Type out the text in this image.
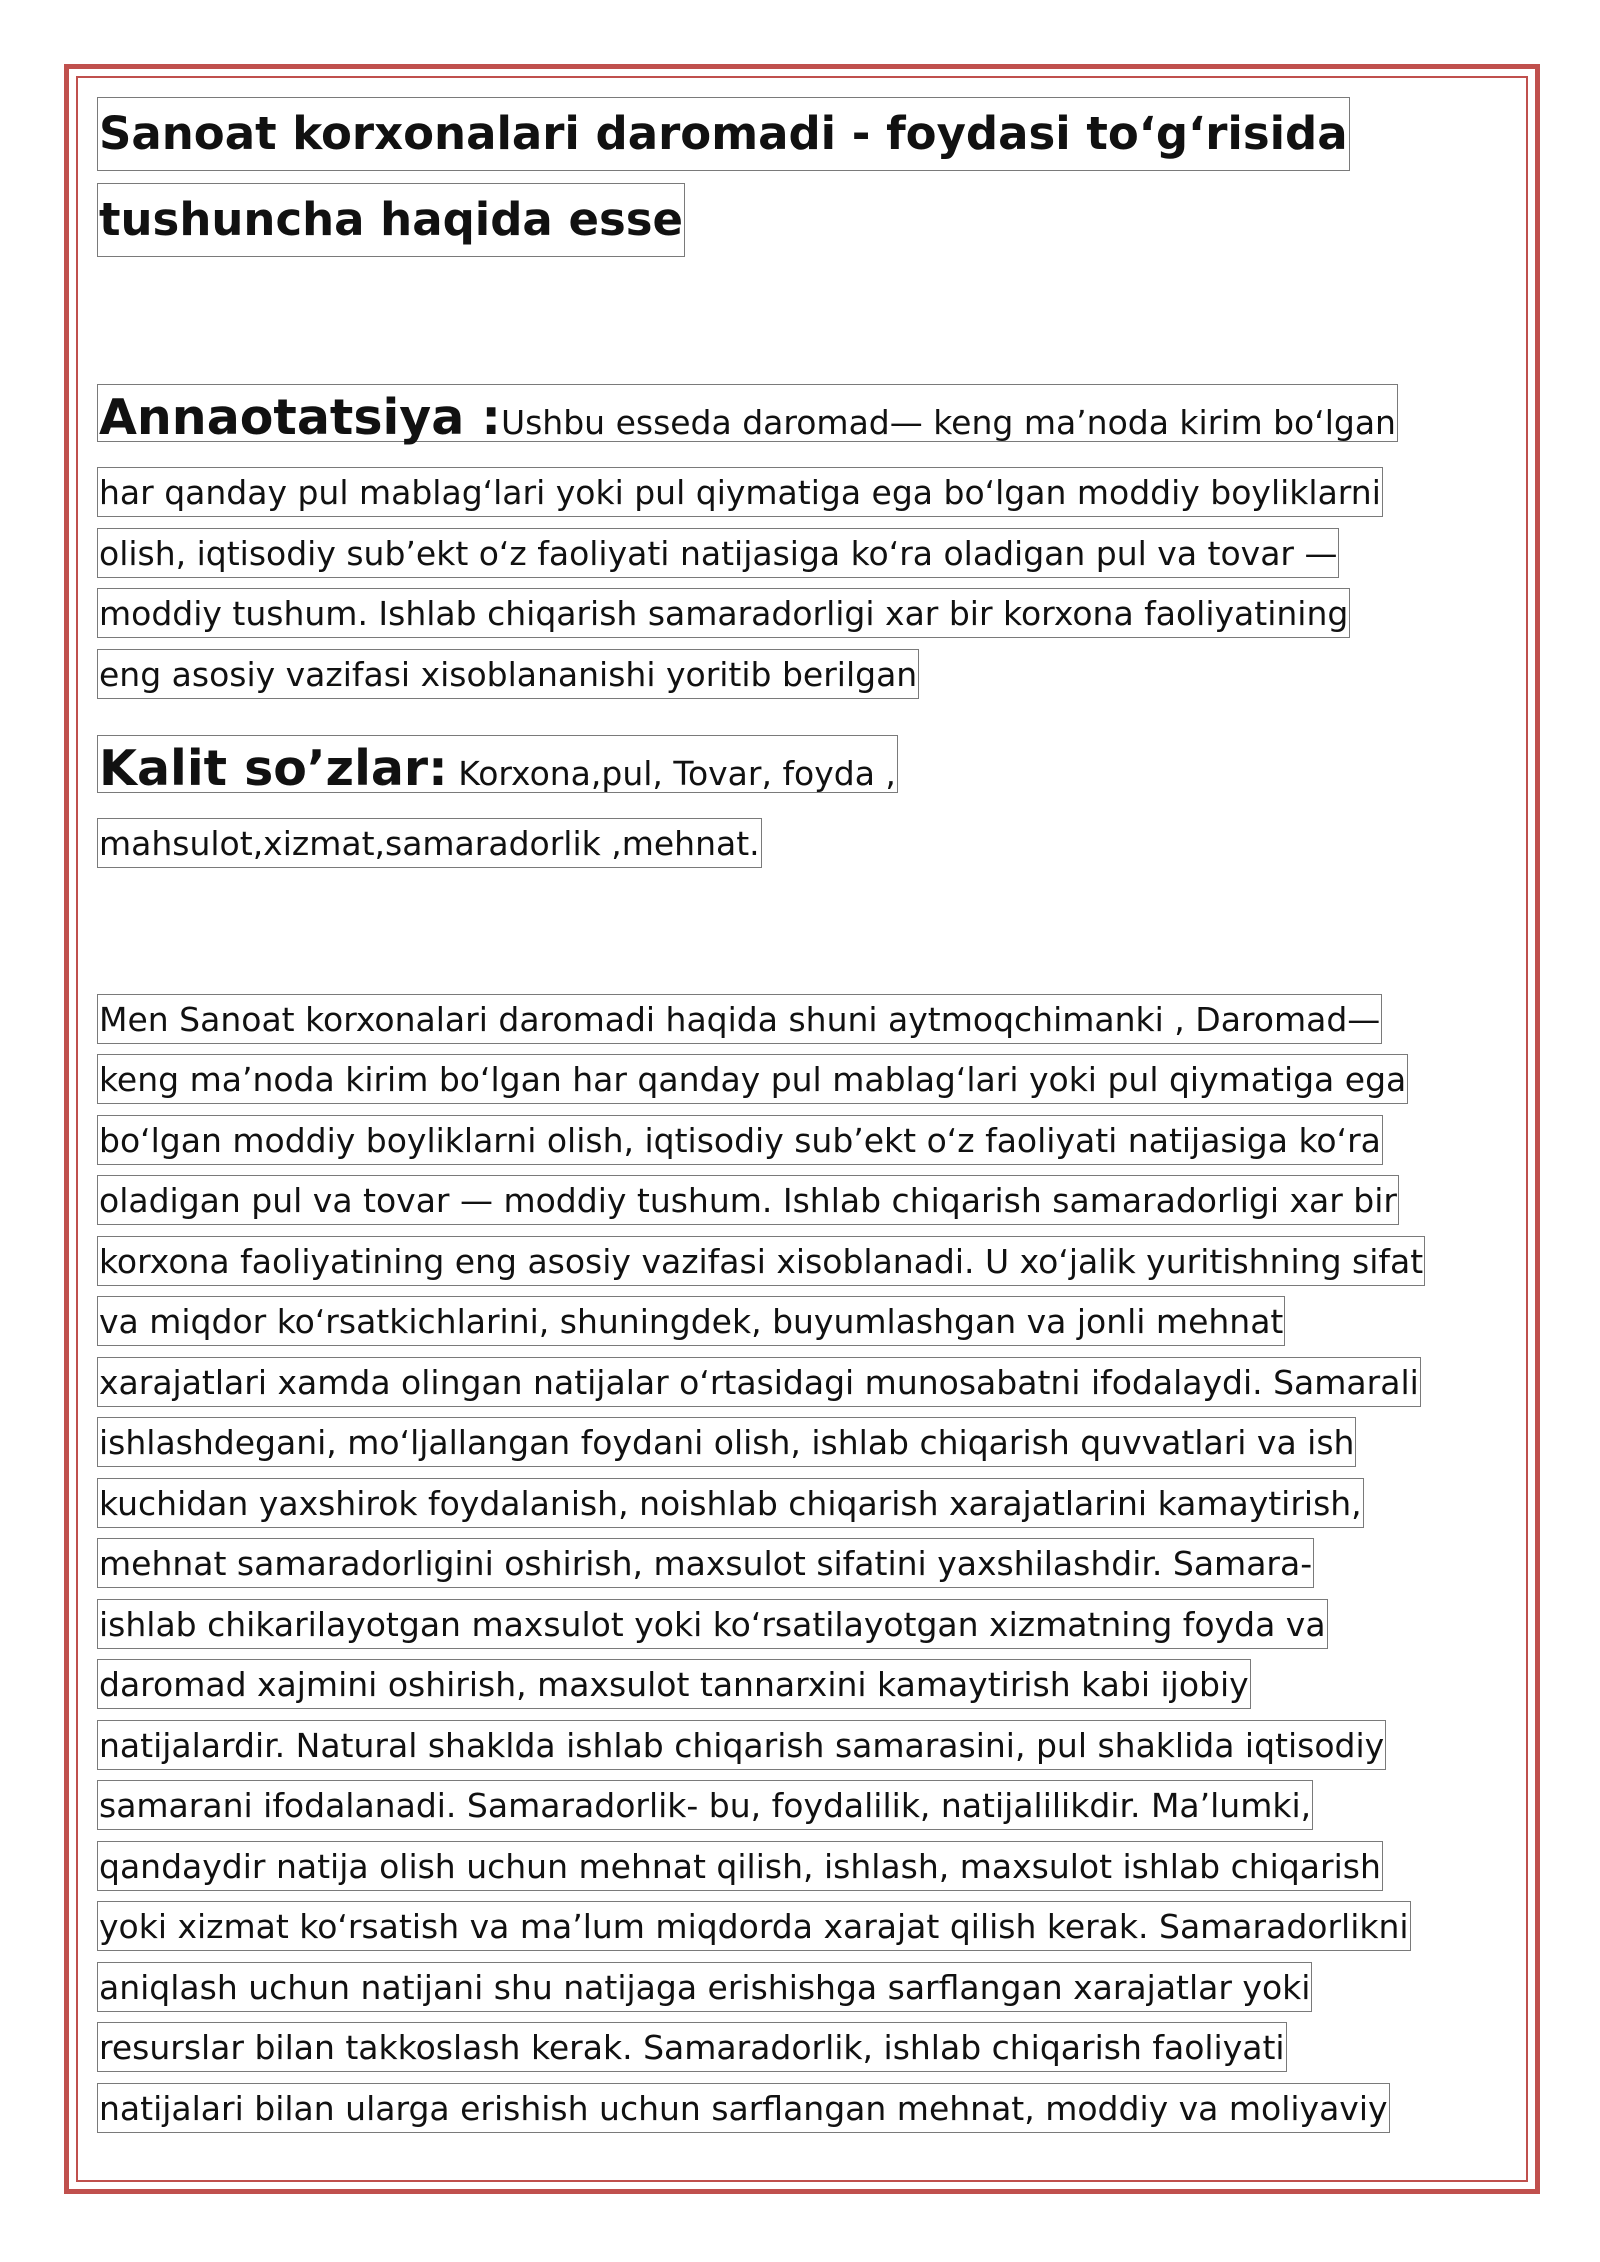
Sanoat korxonalari daromadi - foydasi to‘g‘risida
tushuncha haqida esse
Annaotatsiya :Ushbu esseda daromad— keng ma’noda kirim bo‘lgan
har qanday pul mablag‘lari yoki pul qiymatiga ega bo‘lgan moddiy boyliklarni
olish, iqtisodiy sub’ekt o‘z faoliyati natijasiga ko‘ra oladigan pul va tovar —
moddiy tushum. Ishlab chiqarish samaradorligi xar bir korxona faoliyatining
eng asosiy vazifasi xisoblananishi yoritib berilgan
Kalit so’zlar: Korxona,pul, Tovar, foyda ,
mahsulot,xizmat,samaradorlik ,mehnat.
Men Sanoat korxonalari daromadi haqida shuni aytmoqchimanki , Daromad—
keng ma’noda kirim bo‘lgan har qanday pul mablag‘lari yoki pul qiymatiga ega
bo‘lgan moddiy boyliklarni olish, iqtisodiy sub’ekt o‘z faoliyati natijasiga ko‘ra
oladigan pul va tovar — moddiy tushum. Ishlab chiqarish samaradorligi xar bir
korxona faoliyatining eng asosiy vazifasi xisoblanadi. U xo‘jalik yuritishning sifat
va miqdor ko‘rsatkichlarini, shuningdek, buyumlashgan va jonli mehnat
xarajatlari xamda olingan natijalar o‘rtasidagi munosabatni ifodalaydi. Samarali
ishlashdegani, mo‘ljallangan foydani olish, ishlab chiqarish quvvatlari va ish
kuchidan yaxshirok foydalanish, noishlab chiqarish xarajatlarini kamaytirish,
mehnat samaradorligini oshirish, maxsulot sifatini yaxshilashdir. Samara-
ishlab chikarilayotgan maxsulot yoki ko‘rsatilayotgan xizmatning foyda va
daromad xajmini oshirish, maxsulot tannarxini kamaytirish kabi ijobiy
natijalardir. Natural shaklda ishlab chiqarish samarasini, pul shaklida iqtisodiy
samarani ifodalanadi. Samaradorlik- bu, foydalilik, natijalilikdir. Ma’lumki,
qandaydir natija olish uchun mehnat qilish, ishlash, maxsulot ishlab chiqarish
yoki xizmat ko‘rsatish va ma’lum miqdorda xarajat qilish kerak. Samaradorlikni
aniqlash uchun natijani shu natijaga erishishga sarflangan xarajatlar yoki
resurslar bilan takkoslash kerak. Samaradorlik, ishlab chiqarish faoliyati
natijalari bilan ularga erishish uchun sarflangan mehnat, moddiy va moliyaviy
